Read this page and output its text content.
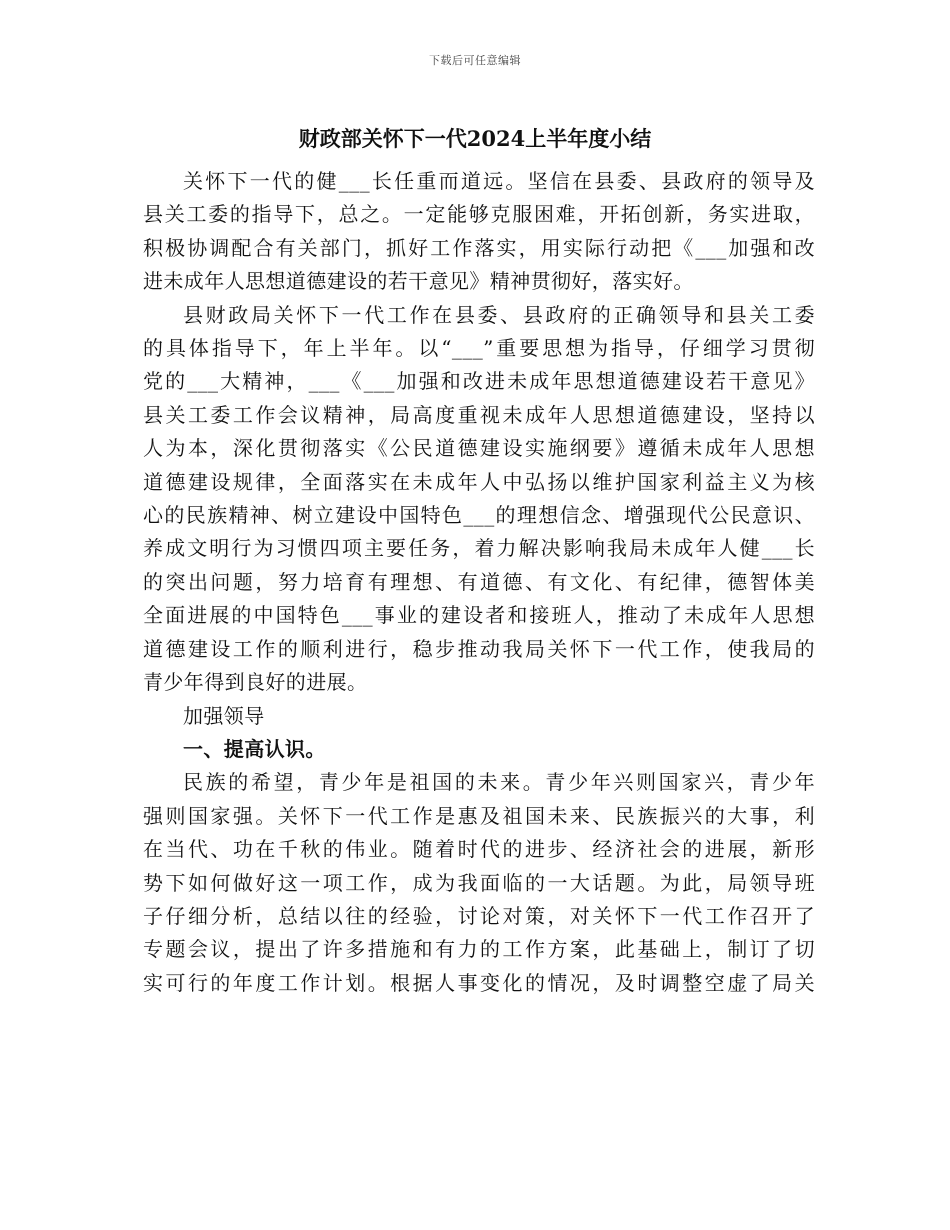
下载后可任意编辑
财政部关怀下一代2024上半年度小结
关怀下一代的健___长任重而道远。坚信在县委、县政府的领导及
县关工委的指导下，总之。一定能够克服困难，开拓创新，务实进取，
积极协调配合有关部门，抓好工作落实，用实际行动把《___加强和改
进未成年人思想道德建设的若干意见》精神贯彻好，落实好。
县财政局关怀下一代工作在县委、县政府的正确领导和县关工委
的具体指导下，年上半年。以“___”重要思想为指导，仔细学习贯彻
党的___大精神，___《___加强和改进未成年思想道德建设若干意见》
县关工委工作会议精神，局高度重视未成年人思想道德建设，坚持以
人为本，深化贯彻落实《公民道德建设实施纲要》遵循未成年人思想
道德建设规律，全面落实在未成年人中弘扬以维护国家利益主义为核
心的民族精神、树立建设中国特色___的理想信念、增强现代公民意识、
养成文明行为习惯四项主要任务，着力解决影响我局未成年人健___长
的突出问题，努力培育有理想、有道德、有文化、有纪律，德智体美
全面进展的中国特色___事业的建设者和接班人，推动了未成年人思想
道德建设工作的顺利进行，稳步推动我局关怀下一代工作，使我局的
青少年得到良好的进展。
加强领导
一、提高认识。
民族的希望，青少年是祖国的未来。青少年兴则国家兴，青少年
强则国家强。关怀下一代工作是惠及祖国未来、民族振兴的大事，利
在当代、功在千秋的伟业。随着时代的进步、经济社会的进展，新形
势下如何做好这一项工作，成为我面临的一大话题。为此，局领导班
子仔细分析，总结以往的经验，讨论对策，对关怀下一代工作召开了
专题会议，提出了许多措施和有力的工作方案，此基础上，制订了切
实可行的年度工作计划。根据人事变化的情况，及时调整空虚了局关
